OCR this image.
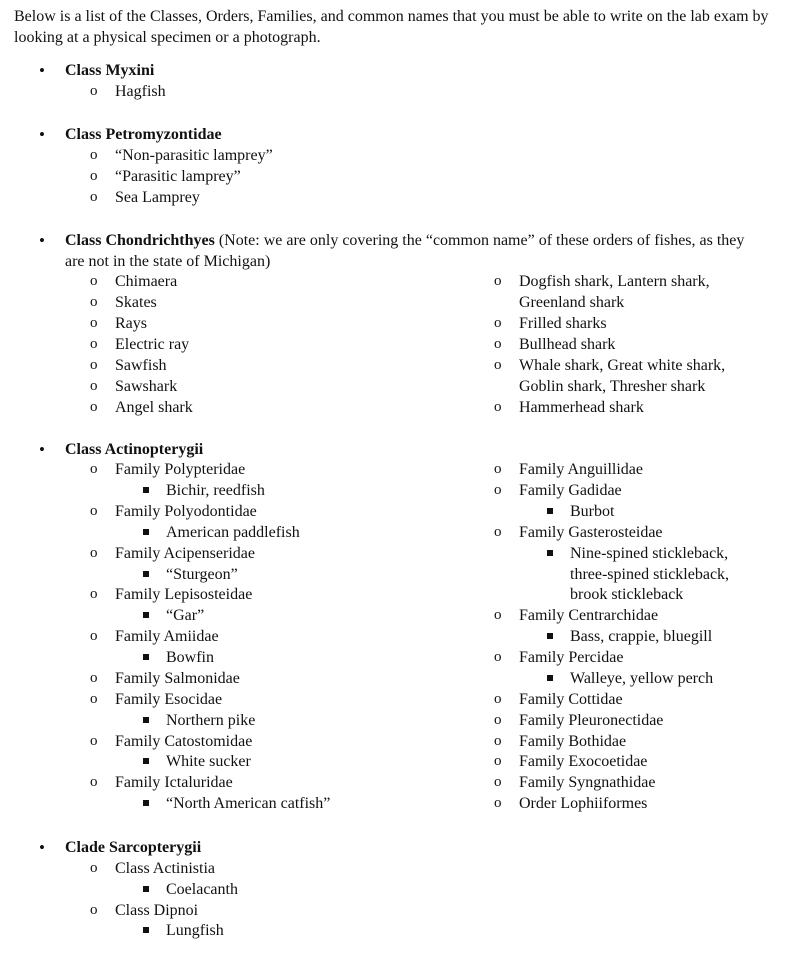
Below is a list of the Classes, Orders, Families, and common names that you must be able to write on the lab exam by looking at a physical specimen or a photograph.
•
Class Myxini
o Hagfish
•
Class Petromyzontidae
o “Non-parasitic lamprey”
o “Parasitic lamprey”
o Sea Lamprey
•
Class Chondrichthyes (Note: we are only covering the “common name” of these orders of fishes, as they are not in the state of Michigan)
o Chimaera
o Skates
o Rays
o Electric ray
o Sawfish
o Sawshark
o Angel shark
o Dogfish shark, Lantern shark,
Greenland shark
o Frilled sharks
o Bullhead shark
o Whale shark, Great white shark,
Goblin shark, Thresher shark
o Hammerhead shark
•
Class Actinopterygii
o Family Polypteridae
Bichir, reedfish
o Family Polyodontidae
American paddlefish
o Family Acipenseridae
“Sturgeon”
o Family Lepisosteidae
“Gar”
o Family Amiidae
Bowfin
o Family Salmonidae
o Family Esocidae
Northern pike
o Family Catostomidae
White sucker
o Family Ictaluridae
“North American catfish”
o Family Anguillidae
o Family Gadidae
Burbot
o Family Gasterosteidae
Nine-spined stickleback,
three-spined stickleback,
brook stickleback
o Family Centrarchidae
Bass, crappie, bluegill
o Family Percidae
Walleye, yellow perch
o Family Cottidae
o Family Pleuronectidae
o Family Bothidae
o Family Exocoetidae
o Family Syngnathidae
o Order Lophiiformes
•
Clade Sarcopterygii
o Class Actinistia
Coelacanth
o Class Dipnoi
Lungfish
